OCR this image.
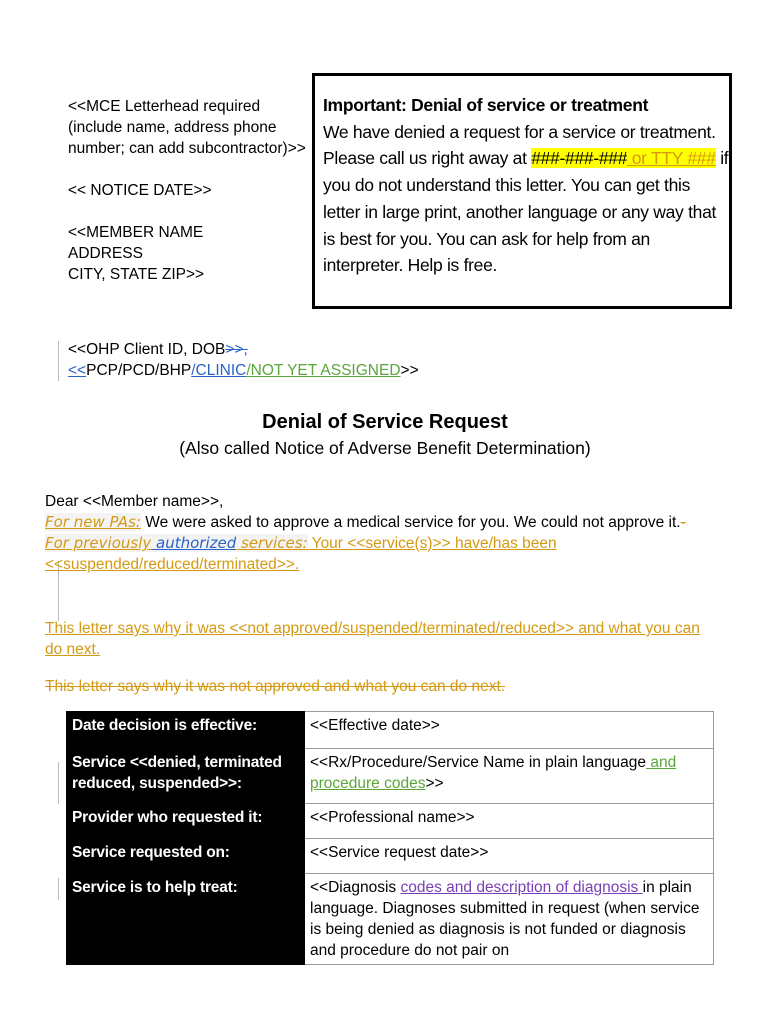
<<MCE Letterhead required (include name, address phone number; can add subcontractor)>>

<< NOTICE DATE>>

<<MEMBER NAME
ADDRESS
CITY, STATE ZIP>>

Important: Denial of service or treatment
We have denied a request for a service or treatment. Please call us right away at ###-###-### or TTY ### if you do not understand this letter. You can get this letter in large print, another language or any way that is best for you. You can ask for help from an interpreter. Help is free.
<<OHP Client ID, DOB>>,
<<PCP/PCD/BHP/CLINIC/NOT YET ASSIGNED>>
Denial of Service Request
(Also called Notice of Adverse Benefit Determination)
Dear <<Member name>>,
For new PAs: We were asked to approve a medical service for you. We could not approve it.-
For previously authorized services: Your <<service(s)>> have/has been <<suspended/reduced/terminated>>.
This letter says why it was <<not approved/suspended/terminated/reduced>> and what you can do next.
This letter says why it was not approved and what you can do next.
Date decision is effective:	<<Effective date>>
Service <<denied, terminated reduced, suspended>>:	<<Rx/Procedure/Service Name in plain language and procedure codes>>
Provider who requested it:	<<Professional name>>
Service requested on:	<<Service request date>>
Service is to help treat:	<<Diagnosis codes and description of diagnosis in plain language. Diagnoses submitted in request (when service is being denied as diagnosis is not funded or diagnosis and procedure do not pair on
